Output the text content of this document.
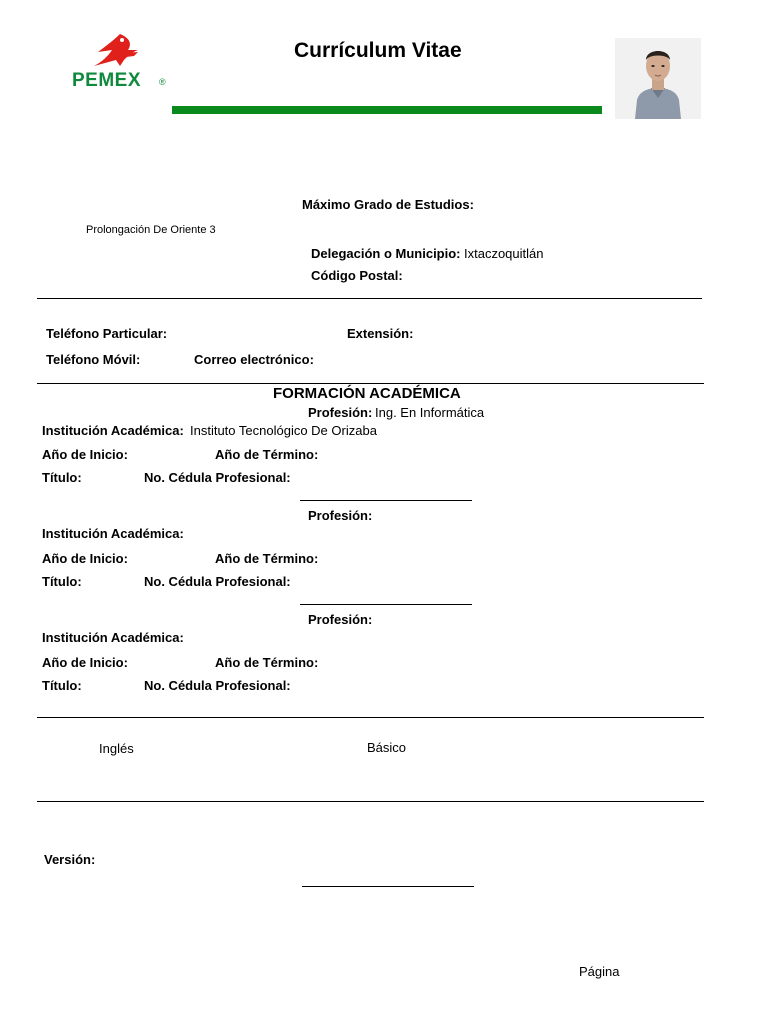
PEMEX ®
Currículum Vitae
Máximo Grado de Estudios:
Prolongación De Oriente 3
Delegación o Municipio: Ixtaczoquitlán
Código Postal:
Teléfono Particular:	Extensión:
Teléfono Móvil:	Correo electrónico:
FORMACIÓN ACADÉMICA
Profesión: Ing. En Informática
Institución Académica: Instituto Tecnológico De Orizaba
Año de Inicio:	Año de Término:
Título:	No. Cédula Profesional:
Profesión:
Institución Académica:
Año de Inicio:	Año de Término:
Título:	No. Cédula Profesional:
Profesión:
Institución Académica:
Año de Inicio:	Año de Término:
Título:	No. Cédula Profesional:
Inglés	Básico
Versión:
Página
